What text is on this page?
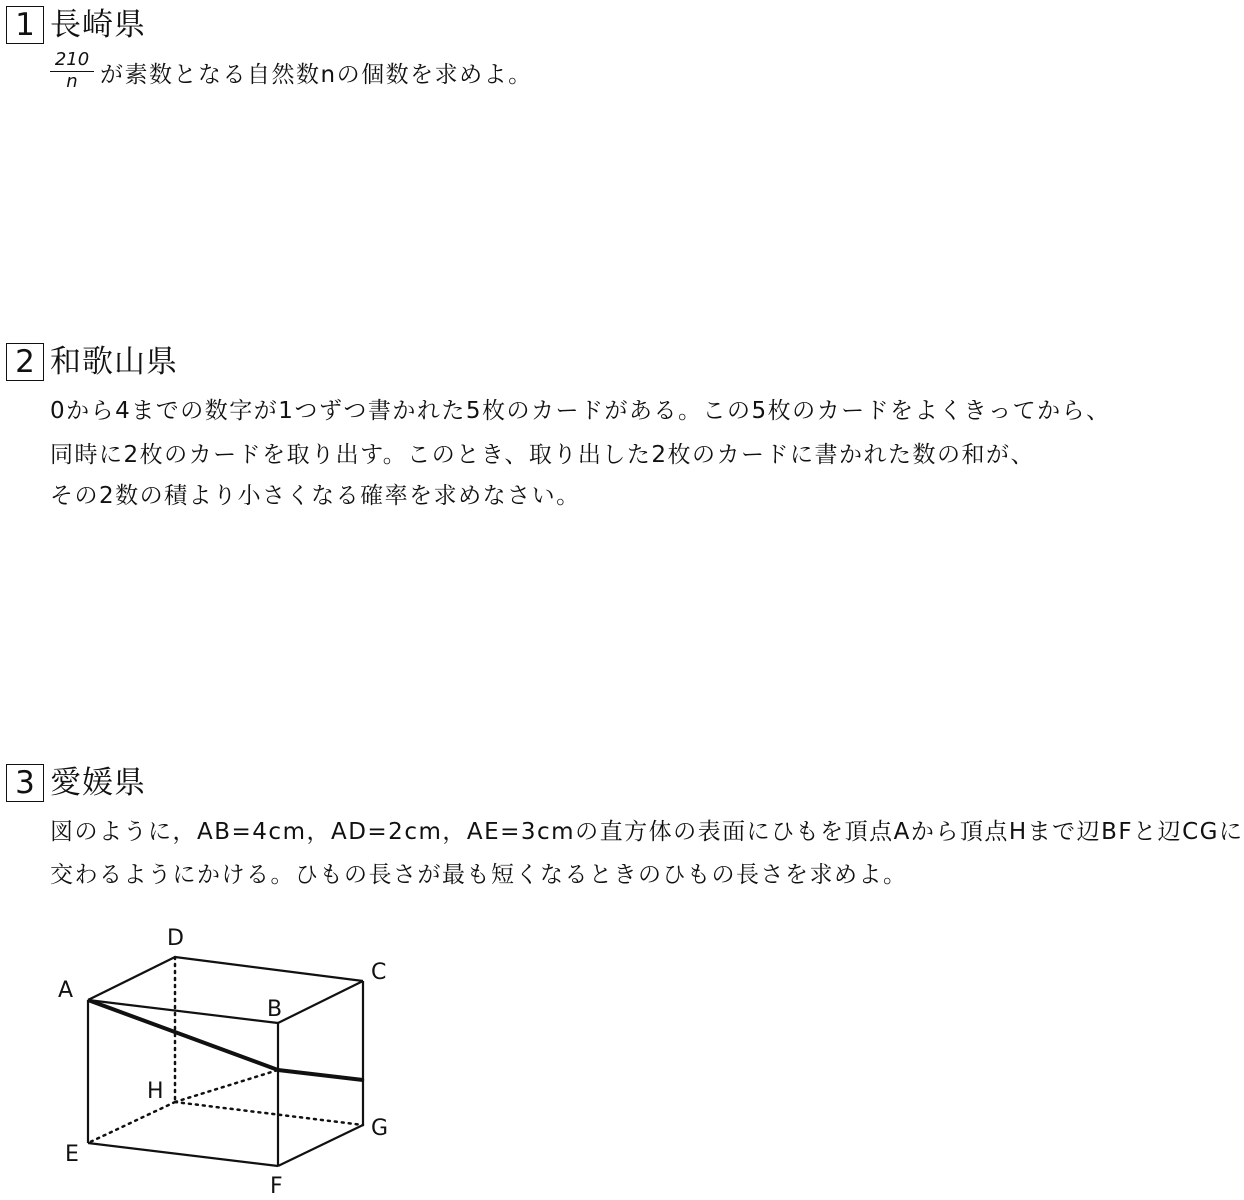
1 長崎県
$\frac{210}{n}$ が素数となる自然数nの個数を求めよ。
2 和歌山県
0から4までの数字が1つずつ書かれた5枚のカードがある。この5枚のカードをよくきってから、
同時に2枚のカードを取り出す。このとき、取り出した2枚のカードに書かれた数の和が、
その2数の積より小さくなる確率を求めなさい。
3 愛媛県
図のように，AB=4cm，AD=2cm，AE=3cmの直方体の表面にひもを頂点Aから頂点Hまで辺BFと辺CGに
交わるようにかける。ひもの長さが最も短くなるときのひもの長さを求めよ。
A
B
C
D
E
F
G
H
